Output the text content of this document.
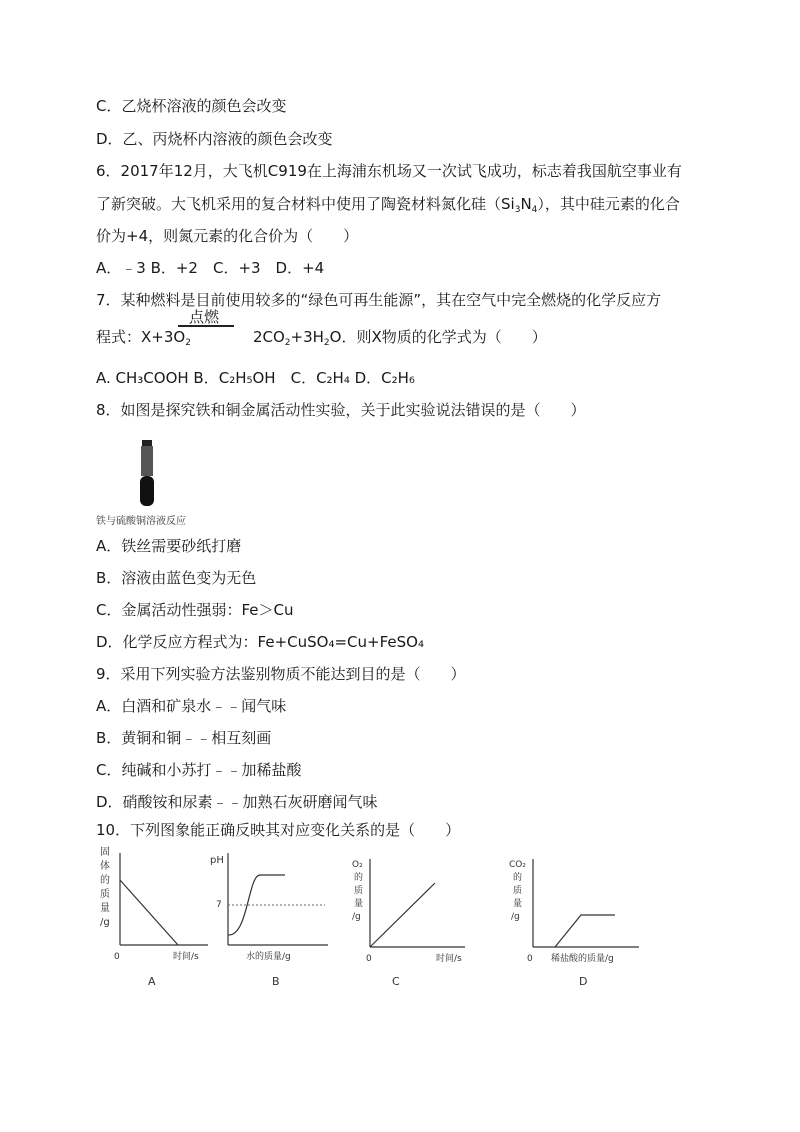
C．乙烧杯溶液的颜色会改变
D．乙、丙烧杯内溶液的颜色会改变
6．2017年12月，大飞机C919在上海浦东机场又一次试飞成功，标志着我国航空事业有
了新突破。大飞机采用的复合材料中使用了陶瓷材料氮化硅$(Si_3N_4)$，其中硅元素的化合
价为+4，则氮元素的化合价为（　　）
A．﹣3 B．+2　C．+3　D．+4
7．某种燃料是目前使用较多的“绿色可再生能源”，其在空气中完全燃烧的化学反应方
点燃
程式：$X+3O_2$	$2CO_2+3H_2O$．则X物质的化学式为（　　）
A. CH₃COOH B．C₂H₅OH　C．C₂H₄ D．C₂H₆
8．如图是探究铁和铜金属活动性实验，关于此实验说法错误的是（　　）
铁与硫酸铜溶液反应
A．铁丝需要砂纸打磨
B．溶液由蓝色变为无色
C．金属活动性强弱：Fe＞Cu
D．化学反应方程式为：Fe+CuSO₄=Cu+FeSO₄
9．采用下列实验方法鉴别物质不能达到目的是（　　）
A．白酒和矿泉水﹣﹣闻气味
B．黄铜和铜﹣﹣相互刻画
C．纯碱和小苏打﹣﹣加稀盐酸
D．硝酸铵和尿素﹣﹣加熟石灰研磨闻气味
10．下列图象能正确反映其对应变化关系的是（　　）
固体的质量/g
0	时间/s
A
pH
7
水的质量/g
B
O₂ 的质量/g
0	时间/s
C
CO₂ 的质量/g
0 稀盐酸的质量/g
D
